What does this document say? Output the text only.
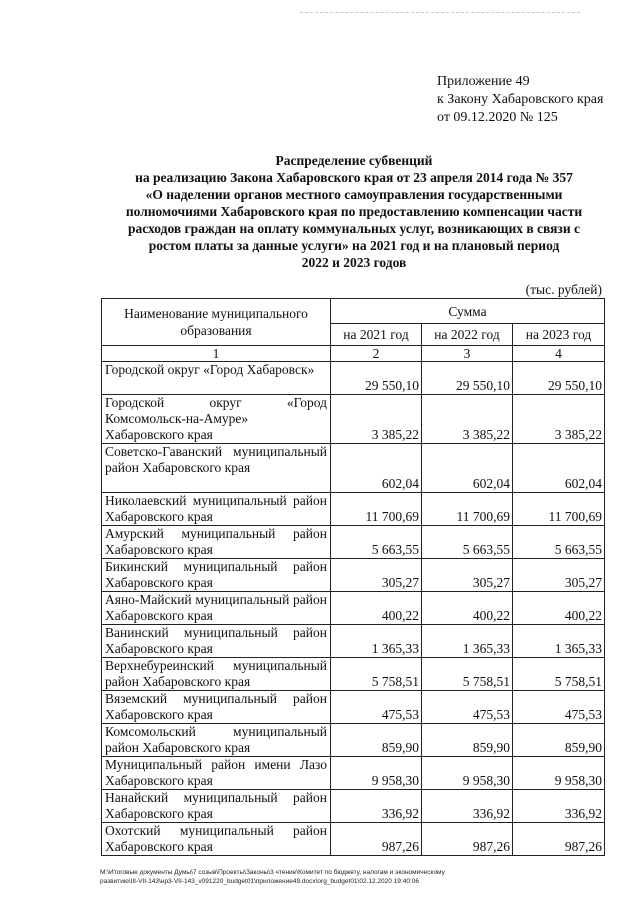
Приложение 49
к Закону Хабаровского края
от 09.12.2020 № 125
Распределение субвенций
на реализацию Закона Хабаровского края от 23 апреля 2014 года № 357
«О наделении органов местного самоуправления государственными
полномочиями Хабаровского края по предоставлению компенсации части
расходов граждан на оплату коммунальных услуг, возникающих в связи с
ростом платы за данные услуги» на 2021 год и на плановый период
2022 и 2023 годов
(тыс. рублей)
Наименование муниципального образования	Сумма		
	на 2021 год	на 2022 год	на 2023 год
1	2	3	4
Городской округ «Город Хабаровск»	29 550,10	29 550,10	29 550,10
Городской округ «Город Комсомольск-на-Амуре» Хабаровского края	3 385,22	3 385,22	3 385,22
Советско-Гаванский муниципальный район Хабаровского края	602,04	602,04	602,04
Николаевский муниципальный район Хабаровского края	11 700,69	11 700,69	11 700,69
Амурский муниципальный район Хабаровского края	5 663,55	5 663,55	5 663,55
Бикинский муниципальный район Хабаровского края	305,27	305,27	305,27
Аяно-Майский муниципальный район Хабаровского края	400,22	400,22	400,22
Ванинский муниципальный район Хабаровского края	1 365,33	1 365,33	1 365,33
Верхнебуреинский муниципальный район Хабаровского края	5 758,51	5 758,51	5 758,51
Вяземский муниципальный район Хабаровского края	475,53	475,53	475,53
Комсомольский муниципальный район Хабаровского края	859,90	859,90	859,90
Муниципальный район имени Лазо Хабаровского края	9 958,30	9 958,30	9 958,30
Нанайский муниципальный район Хабаровского края	336,92	336,92	336,92
Охотский муниципальный район Хабаровского края	987,26	987,26	987,26
M:\Итоговые документы Думы\7 созыв\Проекты\Законы\3 чтение\Комитет по бюджету, налогам и экономическому
развитию\III-VII-143\нр3-VII-143_v091220_budget01\приложение49.docx\org_budget01\02.12.2020 19:40:06
